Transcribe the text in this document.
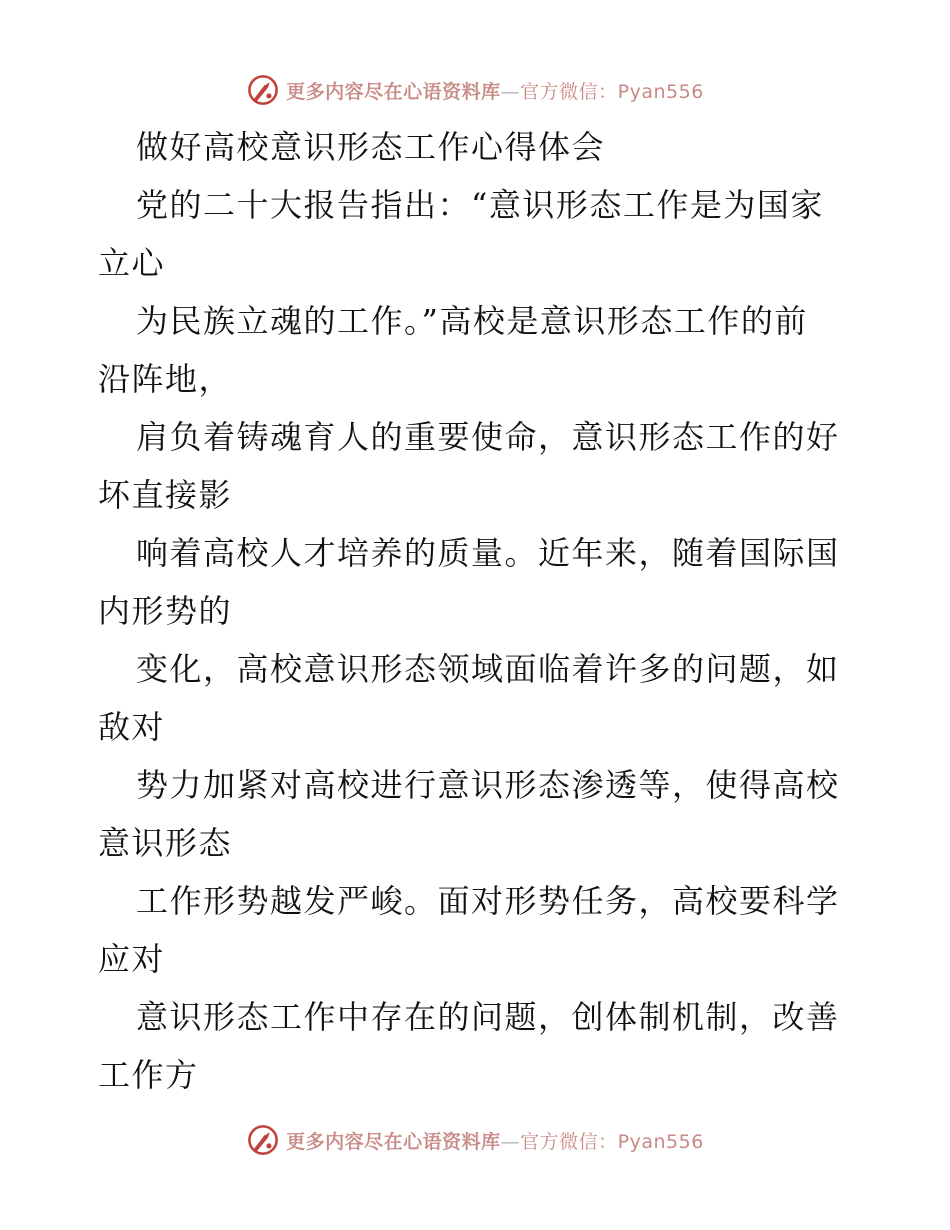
更多内容尽在心语资料库—官方微信：Pyan556
做好高校意识形态工作心得体会
党的二十大报告指出：“意识形态工作是为国家
立心
为民族立魂的工作。”高校是意识形态工作的前
沿阵地，
肩负着铸魂育人的重要使命，意识形态工作的好
坏直接影
响着高校人才培养的质量。近年来，随着国际国
内形势的
变化，高校意识形态领域面临着许多的问题，如
敌对
势力加紧对高校进行意识形态渗透等，使得高校
意识形态
工作形势越发严峻。面对形势任务，高校要科学
应对
意识形态工作中存在的问题，创体制机制，改善
工作方
更多内容尽在心语资料库—官方微信：Pyan556
